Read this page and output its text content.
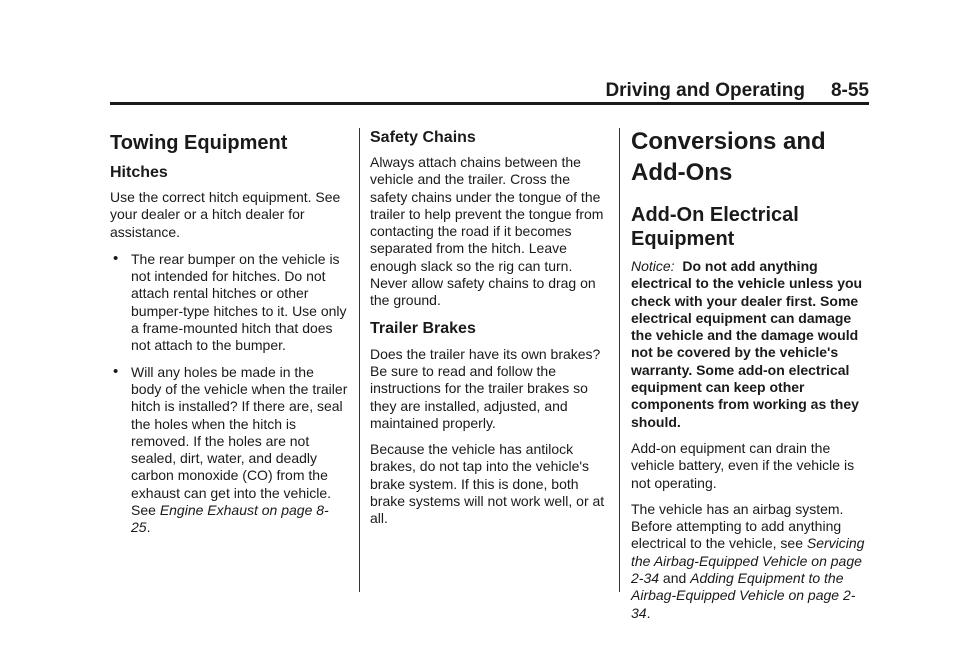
Driving and Operating 8-55
Towing Equipment
Hitches

Use the correct hitch equipment. See your dealer or a hitch dealer for assistance.

• The rear bumper on the vehicle is not intended for hitches. Do not attach rental hitches or other bumper-type hitches to it. Use only a frame-mounted hitch that does not attach to the bumper.
• Will any holes be made in the body of the vehicle when the trailer hitch is installed? If there are, seal the holes when the hitch is removed. If the holes are not sealed, dirt, water, and deadly carbon monoxide (CO) from the exhaust can get into the vehicle. See Engine Exhaust on page 8-25.
Safety Chains

Always attach chains between the vehicle and the trailer. Cross the safety chains under the tongue of the trailer to help prevent the tongue from contacting the road if it becomes separated from the hitch. Leave enough slack so the rig can turn. Never allow safety chains to drag on the ground.

Trailer Brakes

Does the trailer have its own brakes? Be sure to read and follow the instructions for the trailer brakes so they are installed, adjusted, and maintained properly.

Because the vehicle has antilock brakes, do not tap into the vehicle's brake system. If this is done, both brake systems will not work well, or at all.

Conversions and Add-Ons
Add-On Electrical Equipment

Notice: Do not add anything electrical to the vehicle unless you check with your dealer first. Some electrical equipment can damage the vehicle and the damage would not be covered by the vehicle's warranty. Some add-on electrical equipment can keep other components from working as they should.

Add-on equipment can drain the vehicle battery, even if the vehicle is not operating.

The vehicle has an airbag system. Before attempting to add anything electrical to the vehicle, see Servicing the Airbag-Equipped Vehicle on page 2-34 and Adding Equipment to the Airbag-Equipped Vehicle on page 2-34.
